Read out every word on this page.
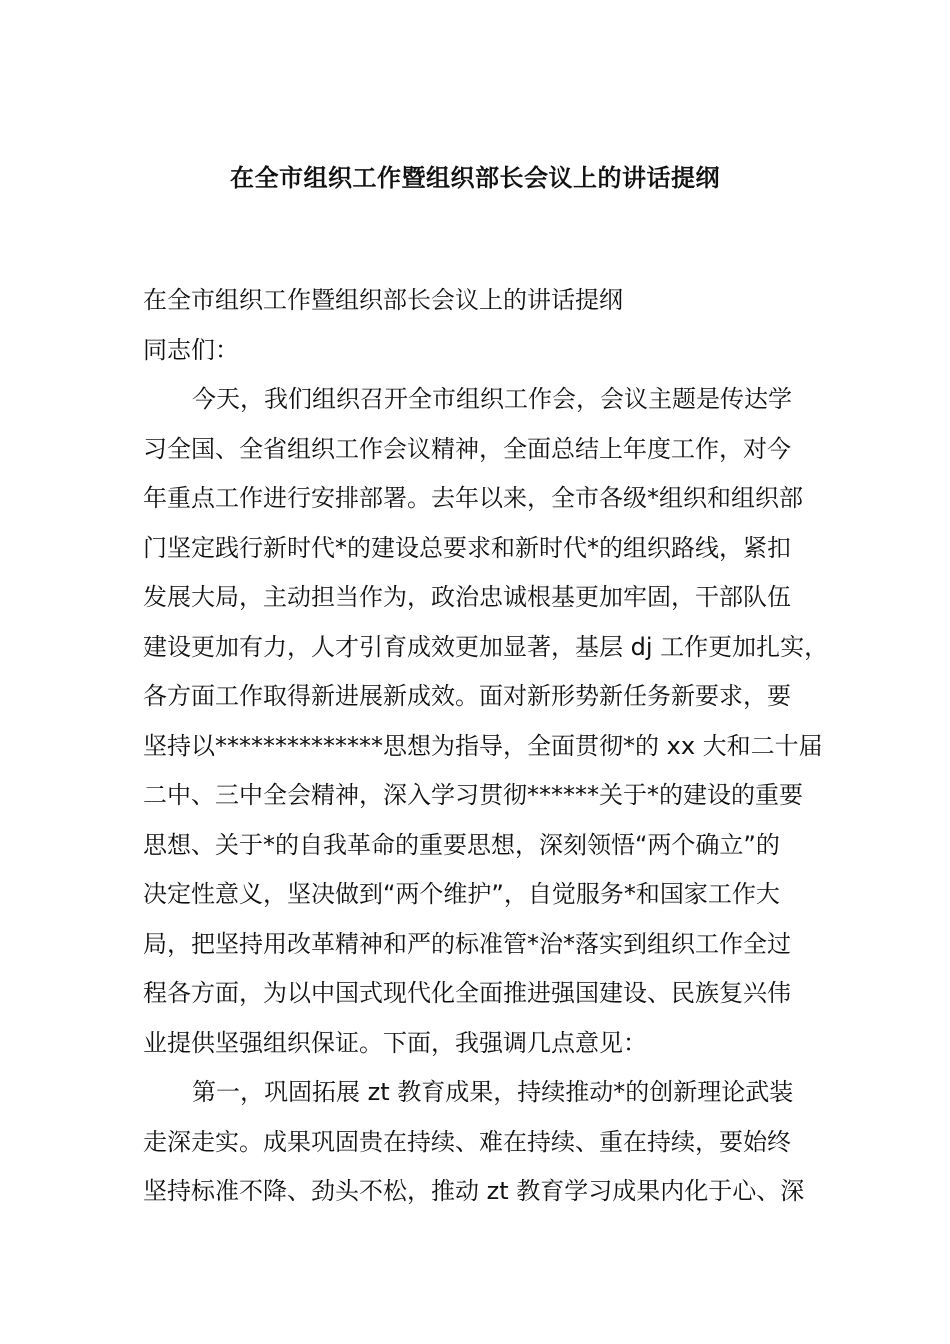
在全市组织工作暨组织部长会议上的讲话提纲
在全市组织工作暨组织部长会议上的讲话提纲
同志们：
今天，我们组织召开全市组织工作会，会议主题是传达学
习全国、全省组织工作会议精神，全面总结上年度工作，对今
年重点工作进行安排部署。去年以来，全市各级*组织和组织部
门坚定践行新时代*的建设总要求和新时代*的组织路线，紧扣
发展大局，主动担当作为，政治忠诚根基更加牢固，干部队伍
建设更加有力，人才引育成效更加显著，基层 dj 工作更加扎实，
各方面工作取得新进展新成效。面对新形势新任务新要求，要
坚持以**************思想为指导，全面贯彻*的 xx 大和二十届
二中、三中全会精神，深入学习贯彻******关于*的建设的重要
思想、关于*的自我革命的重要思想，深刻领悟“两个确立”的
决定性意义，坚决做到“两个维护”，自觉服务*和国家工作大
局，把坚持用改革精神和严的标准管*治*落实到组织工作全过
程各方面，为以中国式现代化全面推进强国建设、民族复兴伟
业提供坚强组织保证。下面，我强调几点意见：
第一，巩固拓展 zt 教育成果，持续推动*的创新理论武装
走深走实。成果巩固贵在持续、难在持续、重在持续，要始终
坚持标准不降、劲头不松，推动 zt 教育学习成果内化于心、深
